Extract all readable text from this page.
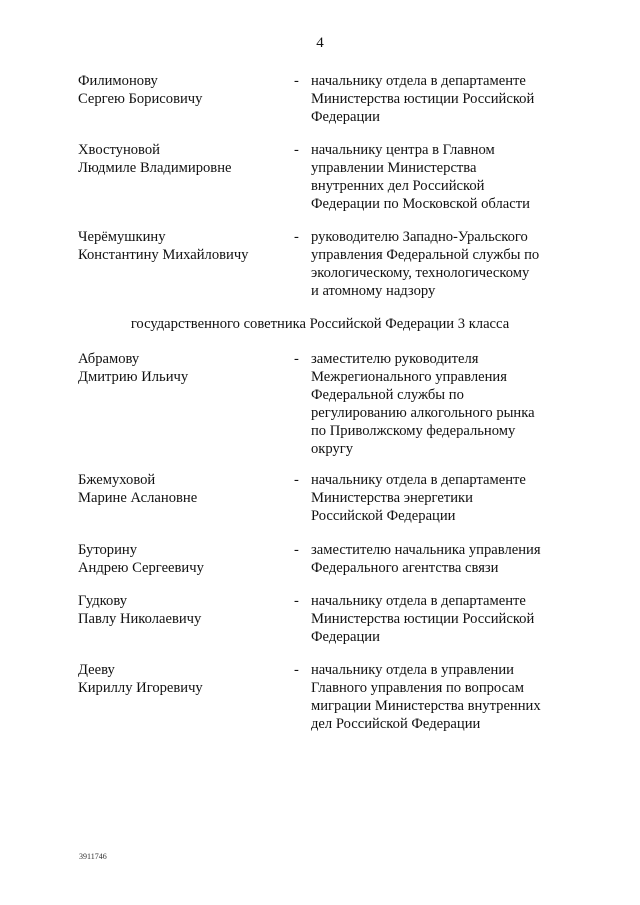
4
Филимонову
Сергею Борисовичу
- начальнику отдела в департаменте
Министерства юстиции Российской
Федерации
Хвостуновой
Людмиле Владимировне
- начальнику центра в Главном
управлении Министерства
внутренних дел Российской
Федерации по Московской области
Черёмушкину
Константину Михайловичу
- руководителю Западно-Уральского
управления Федеральной службы по
экологическому, технологическому
и атомному надзору
государственного советника Российской Федерации 3 класса
Абрамову
Дмитрию Ильичу
- заместителю руководителя
Межрегионального управления
Федеральной службы по
регулированию алкогольного рынка
по Приволжскому федеральному
округу
Бжемуховой
Марине Аслановне
- начальнику отдела в департаменте
Министерства энергетики
Российской Федерации
Буторину
Андрею Сергеевичу
- заместителю начальника управления
Федерального агентства связи
Гудкову
Павлу Николаевичу
- начальнику отдела в департаменте
Министерства юстиции Российской
Федерации
Дееву
Кириллу Игоревичу
- начальнику отдела в управлении
Главного управления по вопросам
миграции Министерства внутренних
дел Российской Федерации
3911746
